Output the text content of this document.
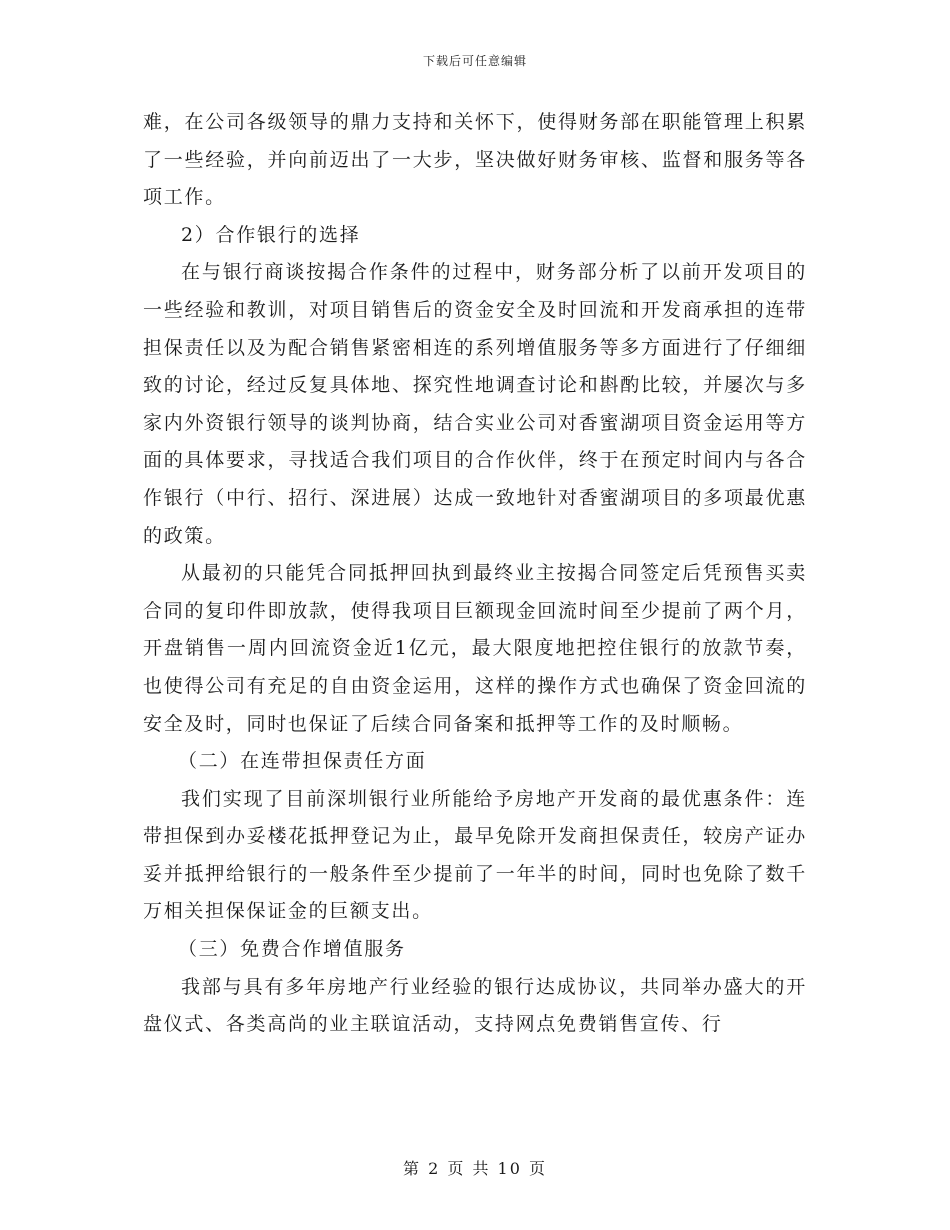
下载后可任意编辑

难，在公司各级领导的鼎力支持和关怀下，使得财务部在职能管理上积累了一些经验，并向前迈出了一大步，坚决做好财务审核、监督和服务等各项工作。

2）合作银行的选择

在与银行商谈按揭合作条件的过程中，财务部分析了以前开发项目的一些经验和教训，对项目销售后的资金安全及时回流和开发商承担的连带担保责任以及为配合销售紧密相连的系列增值服务等多方面进行了仔细细致的讨论，经过反复具体地、探究性地调查讨论和斟酌比较，并屡次与多家内外资银行领导的谈判协商，结合实业公司对香蜜湖项目资金运用等方面的具体要求，寻找适合我们项目的合作伙伴，终于在预定时间内与各合作银行（中行、招行、深进展）达成一致地针对香蜜湖项目的多项最优惠的政策。

从最初的只能凭合同抵押回执到最终业主按揭合同签定后凭预售买卖合同的复印件即放款，使得我项目巨额现金回流时间至少提前了两个月，开盘销售一周内回流资金近1亿元，最大限度地把控住银行的放款节奏，也使得公司有充足的自由资金运用，这样的操作方式也确保了资金回流的安全及时，同时也保证了后续合同备案和抵押等工作的及时顺畅。

（二）在连带担保责任方面

我们实现了目前深圳银行业所能给予房地产开发商的最优惠条件：连带担保到办妥楼花抵押登记为止，最早免除开发商担保责任，较房产证办妥并抵押给银行的一般条件至少提前了一年半的时间，同时也免除了数千万相关担保保证金的巨额支出。

（三）免费合作增值服务

我部与具有多年房地产行业经验的银行达成协议，共同举办盛大的开盘仪式、各类高尚的业主联谊活动，支持网点免费销售宣传、行

第 2 页 共 10 页
